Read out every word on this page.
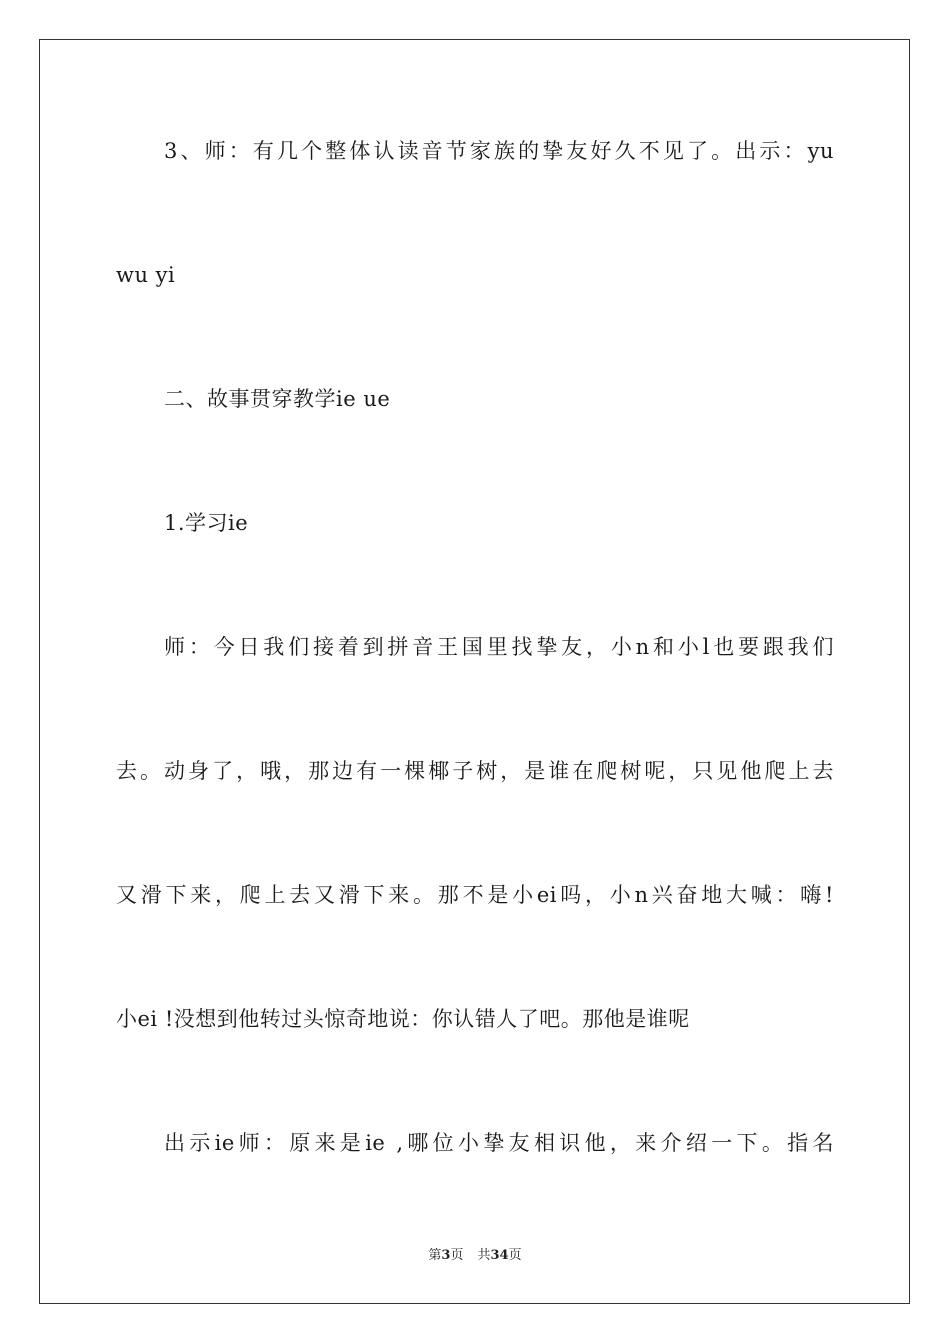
3、师：有几个整体认读音节家族的挚友好久不见了。出示：yu
wu yi
二、故事贯穿教学ie ue
1.学习ie
师：今日我们接着到拼音王国里找挚友，小n和小l也要跟我们
去。动身了，哦，那边有一棵椰子树，是谁在爬树呢，只见他爬上去
又滑下来，爬上去又滑下来。那不是小ei吗，小n兴奋地大喊：嗨!
小ei !没想到他转过头惊奇地说：你认错人了吧。那他是谁呢
出示ie师：原来是ie ,哪位小挚友相识他，来介绍一下。指名
第3页 共34页
